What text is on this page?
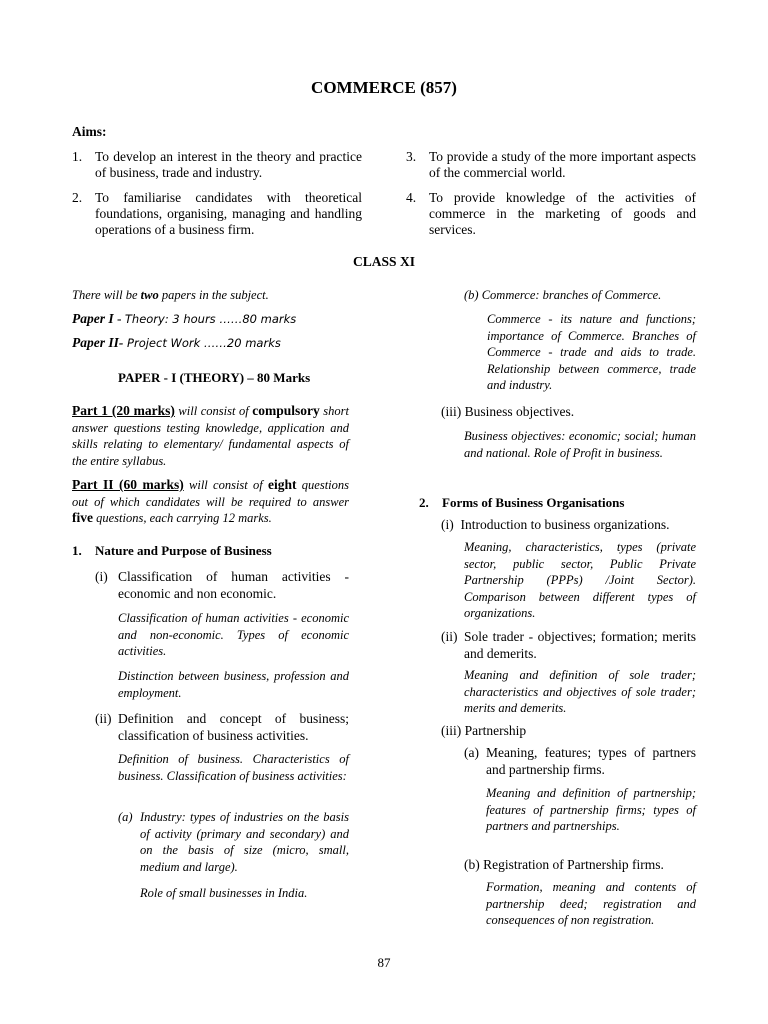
COMMERCE (857)
Aims:
1. To develop an interest in the theory and practice of business, trade and industry.
2. To familiarise candidates with theoretical foundations, organising, managing and handling operations of a business firm.
3. To provide a study of the more important aspects of the commercial world.
4. To provide knowledge of the activities of commerce in the marketing of goods and services.
CLASS XI
There will be two papers in the subject.
Paper I - Theory: 3 hours ……80 marks
Paper II- Project Work ……20 marks
PAPER - I (THEORY) – 80 Marks
Part 1 (20 marks) will consist of compulsory short answer questions testing knowledge, application and skills relating to elementary/ fundamental aspects of the entire syllabus.
Part II (60 marks) will consist of eight questions out of which candidates will be required to answer five questions, each carrying 12 marks.
1. Nature and Purpose of Business
(i) Classification of human activities - economic and non economic.
Classification of human activities - economic and non-economic. Types of economic activities.
Distinction between business, profession and employment.
(ii) Definition and concept of business; classification of business activities.
Definition of business. Characteristics of business. Classification of business activities:
(a) Industry: types of industries on the basis of activity (primary and secondary) and on the basis of size (micro, small, medium and large).
Role of small businesses in India.
(b) Commerce: branches of Commerce.
Commerce - its nature and functions; importance of Commerce. Branches of Commerce - trade and aids to trade. Relationship between commerce, trade and industry.
(iii) Business objectives.
Business objectives: economic; social; human and national. Role of Profit in business.
2. Forms of Business Organisations
(i) Introduction to business organizations.
Meaning, characteristics, types (private sector, public sector, Public Private Partnership (PPPs) /Joint Sector). Comparison between different types of organizations.
(ii) Sole trader - objectives; formation; merits and demerits.
Meaning and definition of sole trader; characteristics and objectives of sole trader; merits and demerits.
(iii) Partnership
(a) Meaning, features; types of partners and partnership firms.
Meaning and definition of partnership; features of partnership firms; types of partners and partnerships.
(b) Registration of Partnership firms.
Formation, meaning and contents of partnership deed; registration and consequences of non registration.
87
